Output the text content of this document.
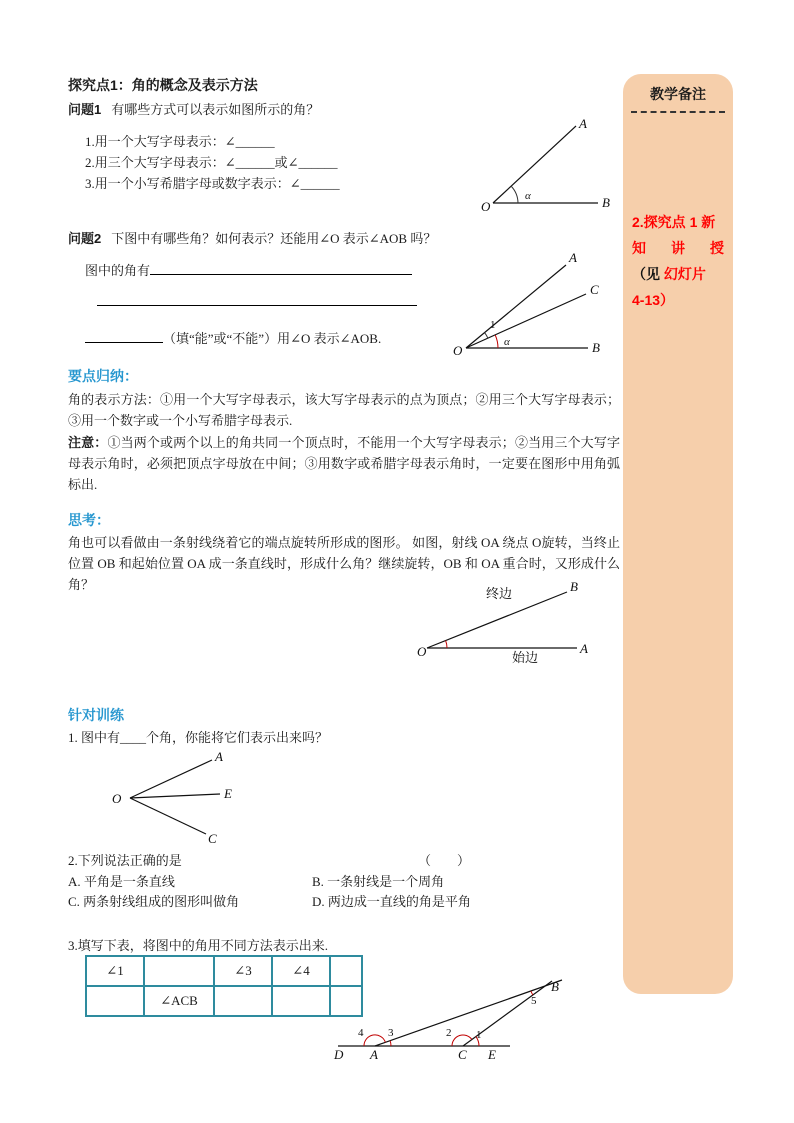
探究点1：角的概念及表示方法
问题1 有哪些方式可以表示如图所示的角？
1.用一个大写字母表示：∠______
2.用三个大写字母表示：∠______或∠______
3.用一个小写希腊字母或数字表示：∠______
A
B
O
α
问题2 下图中有哪些角？如何表示？还能用∠O 表示∠AOB 吗？
图中的角有
（填“能”或“不能”）用∠O 表示∠AOB.
A
C
B
O
1
α
要点归纳：
角的表示方法：①用一个大写字母表示，该大写字母表示的点为顶点；②用三个大写字母表示；③用一个数字或一个小写希腊字母表示.
注意：①当两个或两个以上的角共同一个顶点时，不能用一个大写字母表示；②当用三个大写字母表示角时，必须把顶点字母放在中间；③用数字或希腊字母表示角时，一定要在图形中用角弧标出.
思考：
角也可以看做由一条射线绕着它的端点旋转所形成的图形。 如图，射线 OA 绕点 O旋转，当终止位置 OB 和起始位置 OA 成一条直线时，形成什么角？继续旋转，OB 和 OA 重合时，又形成什么角？
O	A
B
终边
始边
针对训练
1. 图中有____个角，你能将它们表示出来吗？
O
A
E
C
2.下列说法正确的是	（　　）
A. 平角是一条直线	B. 一条射线是一个周角
C. 两条射线组成的图形叫做角	D. 两边成一直线的角是平角
3.填写下表，将图中的角用不同方法表示出来.
∠1		∠3	∠4	
	∠ACB			
D A	C E
B
4 3	2 1
5
教学备注
2.探究点 1 新
知讲授
（见 幻灯片
4-13）
